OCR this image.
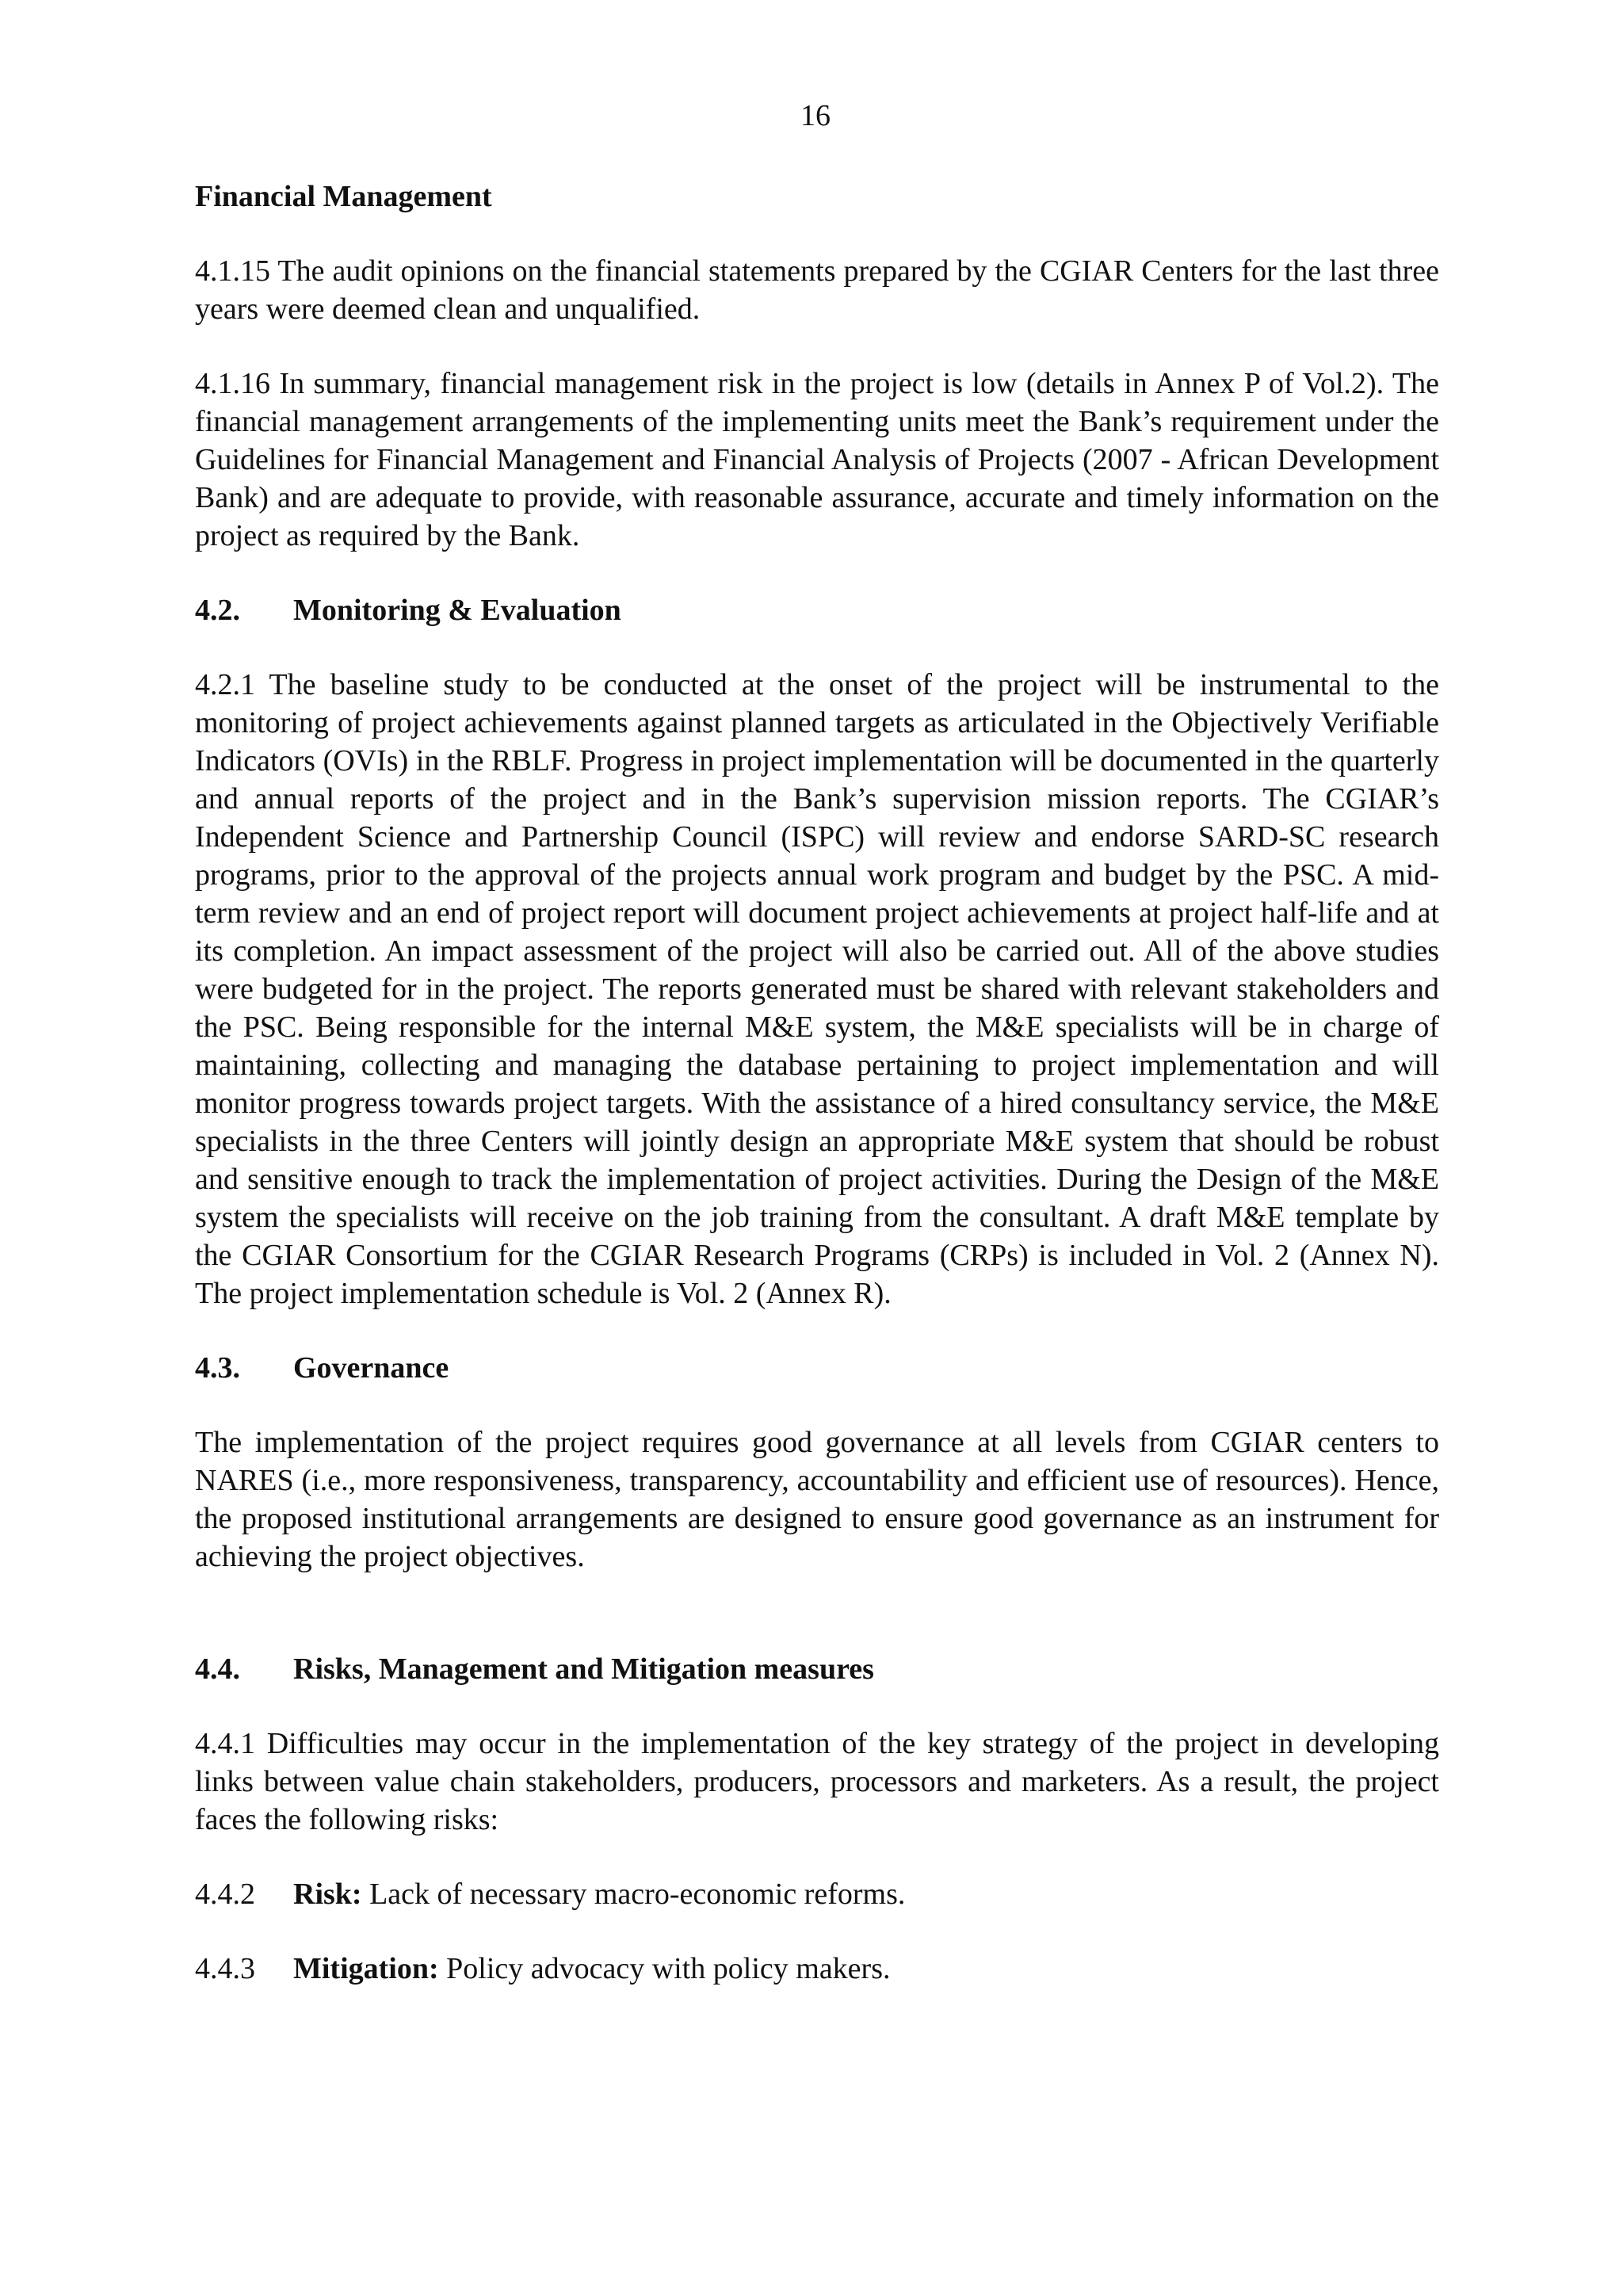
16
Financial Management

4.1.15 The audit opinions on the financial statements prepared by the CGIAR Centers for the last three years were deemed clean and unqualified.

4.1.16 In summary, financial management risk in the project is low (details in Annex P of Vol.2). The financial management arrangements of the implementing units meet the Bank’s requirement under the Guidelines for Financial Management and Financial Analysis of Projects (2007 - African Development Bank) and are adequate to provide, with reasonable assurance, accurate and timely information on the project as required by the Bank.

4.2. Monitoring & Evaluation

4.2.1 The baseline study to be conducted at the onset of the project will be instrumental to the monitoring of project achievements against planned targets as articulated in the Objectively Verifiable Indicators (OVIs) in the RBLF. Progress in project implementation will be documented in the quarterly and annual reports of the project and in the Bank’s supervision mission reports. The CGIAR’s Independent Science and Partnership Council (ISPC) will review and endorse SARD-SC research programs, prior to the approval of the projects annual work program and budget by the PSC. A mid-term review and an end of project report will document project achievements at project half-life and at its completion. An impact assessment of the project will also be carried out. All of the above studies were budgeted for in the project. The reports generated must be shared with relevant stakeholders and the PSC. Being responsible for the internal M&E system, the M&E specialists will be in charge of maintaining, collecting and managing the database pertaining to project implementation and will monitor progress towards project targets. With the assistance of a hired consultancy service, the M&E specialists in the three Centers will jointly design an appropriate M&E system that should be robust and sensitive enough to track the implementation of project activities. During the Design of the M&E system the specialists will receive on the job training from the consultant. A draft M&E template by the CGIAR Consortium for the CGIAR Research Programs (CRPs) is included in Vol. 2 (Annex N). The project implementation schedule is Vol. 2 (Annex R).

4.3. Governance

The implementation of the project requires good governance at all levels from CGIAR centers to NARES (i.e., more responsiveness, transparency, accountability and efficient use of resources). Hence, the proposed institutional arrangements are designed to ensure good governance as an instrument for achieving the project objectives.

4.4. Risks, Management and Mitigation measures

4.4.1 Difficulties may occur in the implementation of the key strategy of the project in developing links between value chain stakeholders, producers, processors and marketers. As a result, the project faces the following risks:

4.4.2 Risk: Lack of necessary macro-economic reforms.
4.4.3 Mitigation: Policy advocacy with policy makers.
